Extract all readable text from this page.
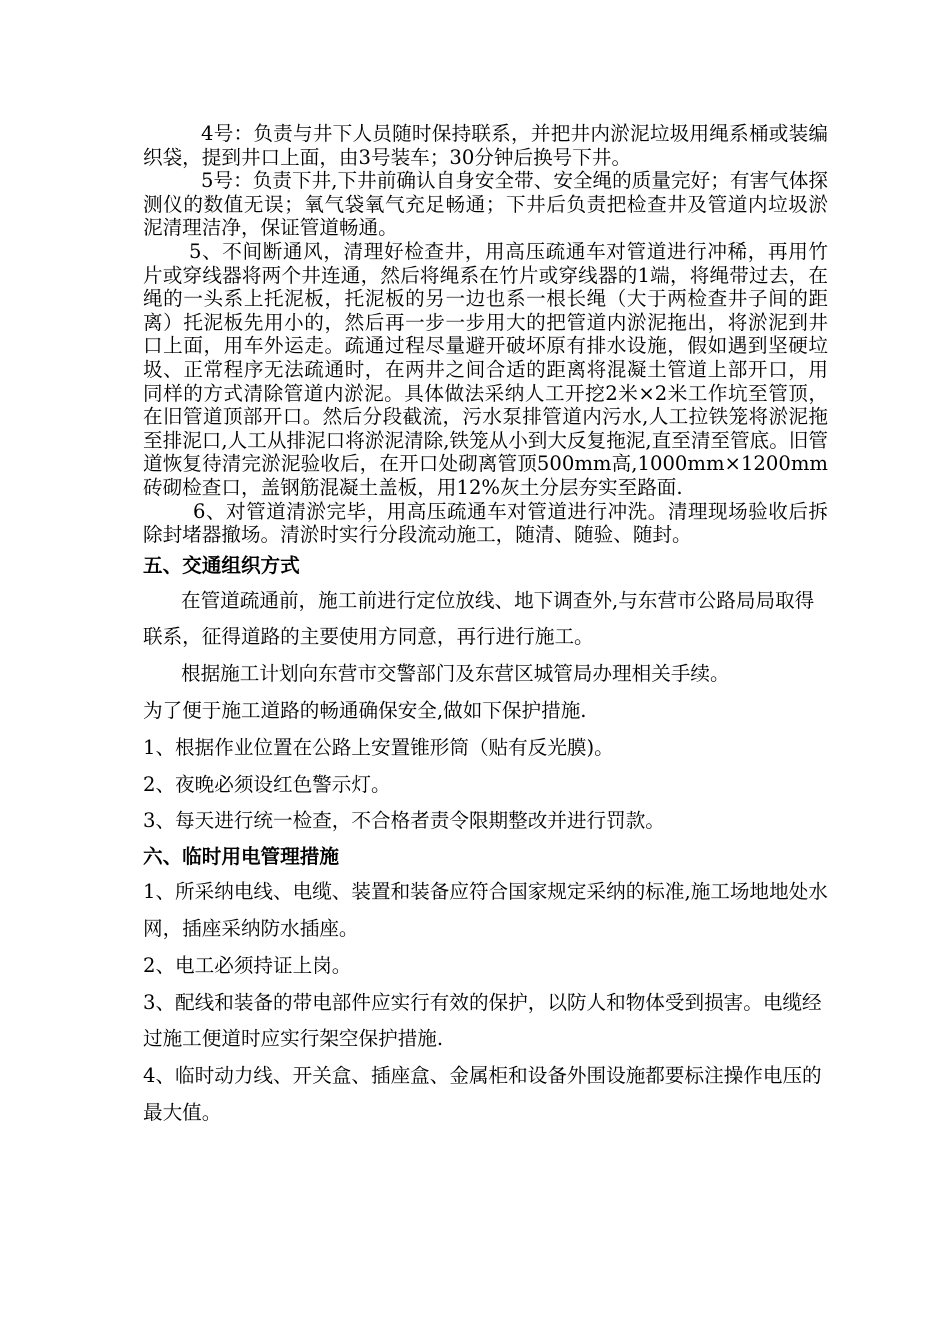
4号：负责与井下人员随时保持联系，并把井内淤泥垃圾用绳系桶或装编织袋，提到井口上面，由3号装车；30分钟后换号下井。

5号：负责下井,下井前确认自身安全带、安全绳的质量完好；有害气体探测仪的数值无误；氧气袋氧气充足畅通；下井后负责把检查井及管道内垃圾淤泥清理洁净，保证管道畅通。

5、不间断通风，清理好检查井，用高压疏通车对管道进行冲稀，再用竹片或穿线器将两个井连通，然后将绳系在竹片或穿线器的1端，将绳带过去，在绳的一头系上托泥板，托泥板的另一边也系一根长绳（大于两检查井子间的距离）托泥板先用小的，然后再一步一步用大的把管道内淤泥拖出，将淤泥到井口上面，用车外运走。疏通过程尽量避开破坏原有排水设施，假如遇到坚硬垃圾、正常程序无法疏通时，在两井之间合适的距离将混凝土管道上部开口，用同样的方式清除管道内淤泥。具体做法采纳人工开挖2米×2米工作坑至管顶，在旧管道顶部开口。然后分段截流，污水泵排管道内污水,人工拉铁笼将淤泥拖至排泥口,人工从排泥口将淤泥清除,铁笼从小到大反复拖泥,直至清至管底。旧管道恢复待清完淤泥验收后，在开口处砌离管顶500mm高,1000mm×1200mm砖砌检查口，盖钢筋混凝土盖板，用12%灰土分层夯实至路面.

6、对管道清淤完毕，用高压疏通车对管道进行冲洗。清理现场验收后拆除封堵器撤场。清淤时实行分段流动施工，随清、随验、随封。

五、交通组织方式

在管道疏通前，施工前进行定位放线、地下调查外,与东营市公路局局取得联系，征得道路的主要使用方同意，再行进行施工。

根据施工计划向东营市交警部门及东营区城管局办理相关手续。

为了便于施工道路的畅通确保安全,做如下保护措施.

1、根据作业位置在公路上安置锥形筒（贴有反光膜)。

2、夜晚必须设红色警示灯。

3、每天进行统一检查，不合格者责令限期整改并进行罚款。

六、临时用电管理措施

1、所采纳电线、电缆、装置和装备应符合国家规定采纳的标准,施工场地地处水网，插座采纳防水插座。

2、电工必须持证上岗。

3、配线和装备的带电部件应实行有效的保护，以防人和物体受到损害。电缆经过施工便道时应实行架空保护措施.

4、临时动力线、开关盒、插座盒、金属柜和设备外围设施都要标注操作电压的最大值。
